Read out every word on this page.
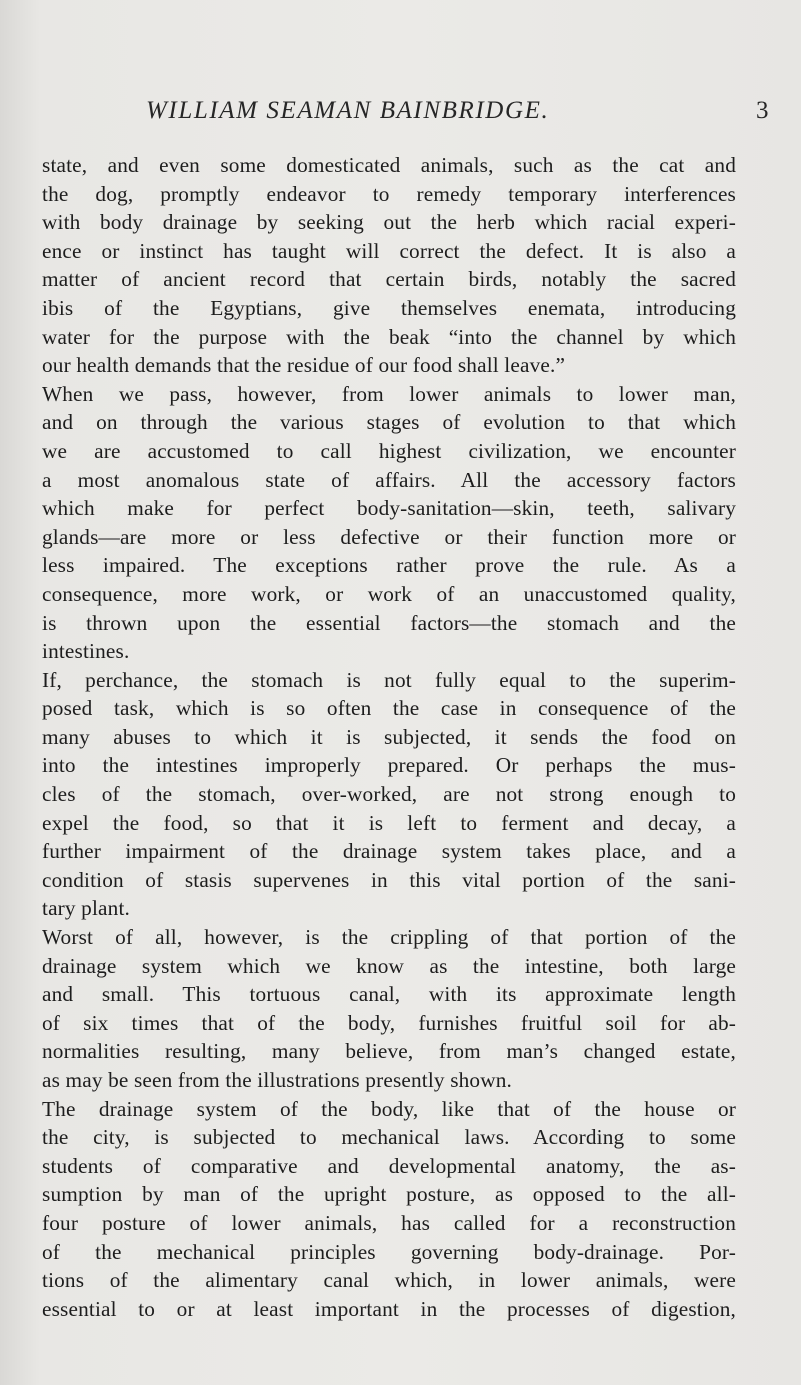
WILLIAM SEAMAN BAINBRIDGE.	3
state, and even some domesticated animals, such as the cat and
the dog, promptly endeavor to remedy temporary interferences
with body drainage by seeking out the herb which racial experi-
ence or instinct has taught will correct the defect. It is also a
matter of ancient record that certain birds, notably the sacred
ibis of the Egyptians, give themselves enemata, introducing
water for the purpose with the beak “into the channel by which
our health demands that the residue of our food shall leave.”
When we pass, however, from lower animals to lower man,
and on through the various stages of evolution to that which
we are accustomed to call highest civilization, we encounter
a most anomalous state of affairs. All the accessory factors
which make for perfect body-sanitation—skin, teeth, salivary
glands—are more or less defective or their function more or
less impaired. The exceptions rather prove the rule. As a
consequence, more work, or work of an unaccustomed quality,
is thrown upon the essential factors—the stomach and the
intestines.
If, perchance, the stomach is not fully equal to the superim-
posed task, which is so often the case in consequence of the
many abuses to which it is subjected, it sends the food on
into the intestines improperly prepared. Or perhaps the mus-
cles of the stomach, over-worked, are not strong enough to
expel the food, so that it is left to ferment and decay, a
further impairment of the drainage system takes place, and a
condition of stasis supervenes in this vital portion of the sani-
tary plant.
Worst of all, however, is the crippling of that portion of the
drainage system which we know as the intestine, both large
and small. This tortuous canal, with its approximate length
of six times that of the body, furnishes fruitful soil for ab-
normalities resulting, many believe, from man’s changed estate,
as may be seen from the illustrations presently shown.
The drainage system of the body, like that of the house or
the city, is subjected to mechanical laws. According to some
students of comparative and developmental anatomy, the as-
sumption by man of the upright posture, as opposed to the all-
four posture of lower animals, has called for a reconstruction
of the mechanical principles governing body-drainage. Por-
tions of the alimentary canal which, in lower animals, were
essential to or at least important in the processes of digestion,
